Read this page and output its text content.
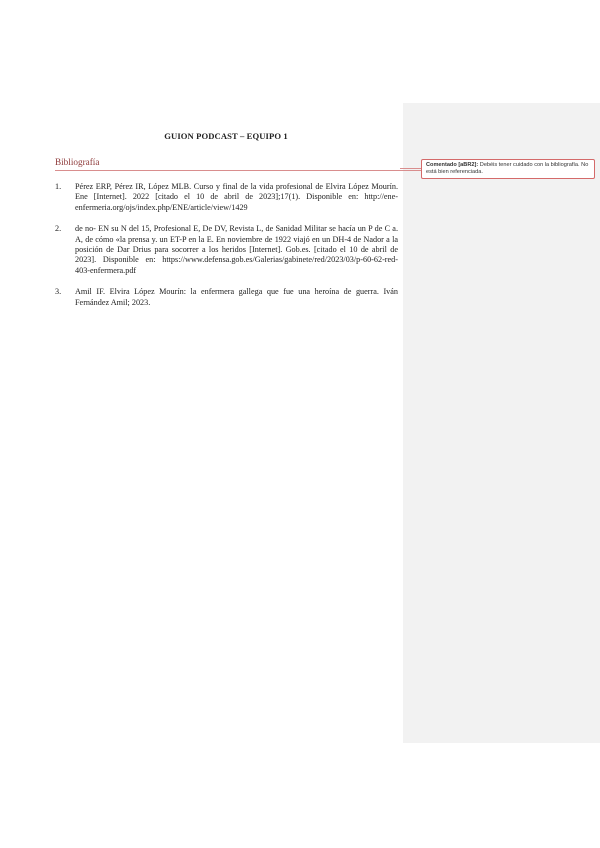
GUION PODCAST – EQUIPO 1
Bibliografía	Comentado [aBR2]: Debéis tener cuidado con la bibliografía. No está bien referenciada.
1. Pérez ERP, Pérez IR, López MLB. Curso y final de la vida profesional de Elvira López Mourín. Ene [Internet]. 2022 [citado el 10 de abril de 2023];17(1). Disponible en: http://ene-enfermeria.org/ojs/index.php/ENE/article/view/1429
2. de no- EN su N del 15, Profesional E, De DV, Revista L, de Sanidad Militar se hacía un P de C a. A, de cómo «la prensa y. un ET-P en la E. En noviembre de 1922 viajó en un DH-4 de Nador a la posición de Dar Drius para socorrer a los heridos [Internet]. Gob.es. [citado el 10 de abril de 2023]. Disponible en: https://www.defensa.gob.es/Galerias/gabinete/red/2023/03/p-60-62-red-403-enfermera.pdf
3. Amil IF. Elvira López Mourín: la enfermera gallega que fue una heroína de guerra. Iván Fernández Amil; 2023.
